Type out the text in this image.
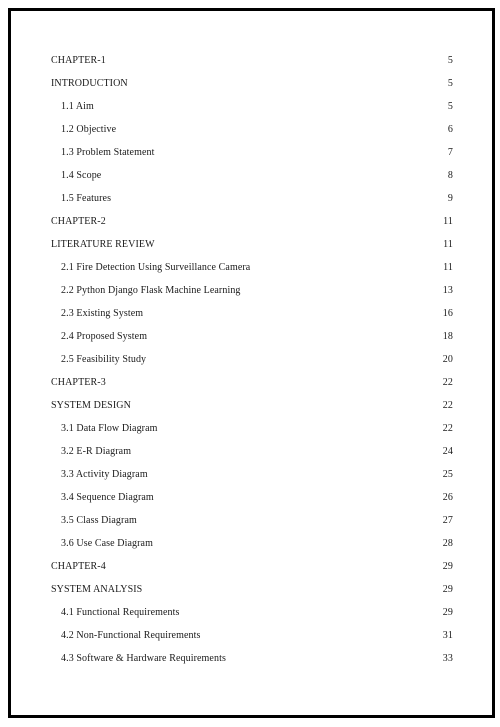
CHAPTER-1	5
INTRODUCTION	5
1.1 Aim	5
1.2 Objective	6
1.3 Problem Statement	7
1.4 Scope	8
1.5 Features	9
CHAPTER-2	11
LITERATURE REVIEW	11
2.1 Fire Detection Using Surveillance Camera	11
2.2 Python Django Flask Machine Learning	13
2.3 Existing System	16
2.4 Proposed System	18
2.5 Feasibility Study	20
CHAPTER-3	22
SYSTEM DESIGN	22
3.1 Data Flow Diagram	22
3.2 E-R Diagram	24
3.3 Activity Diagram	25
3.4 Sequence Diagram	26
3.5 Class Diagram	27
3.6 Use Case Diagram	28
CHAPTER-4	29
SYSTEM ANALYSIS	29
4.1 Functional Requirements	29
4.2 Non-Functional Requirements	31
4.3 Software & Hardware Requirements	33
